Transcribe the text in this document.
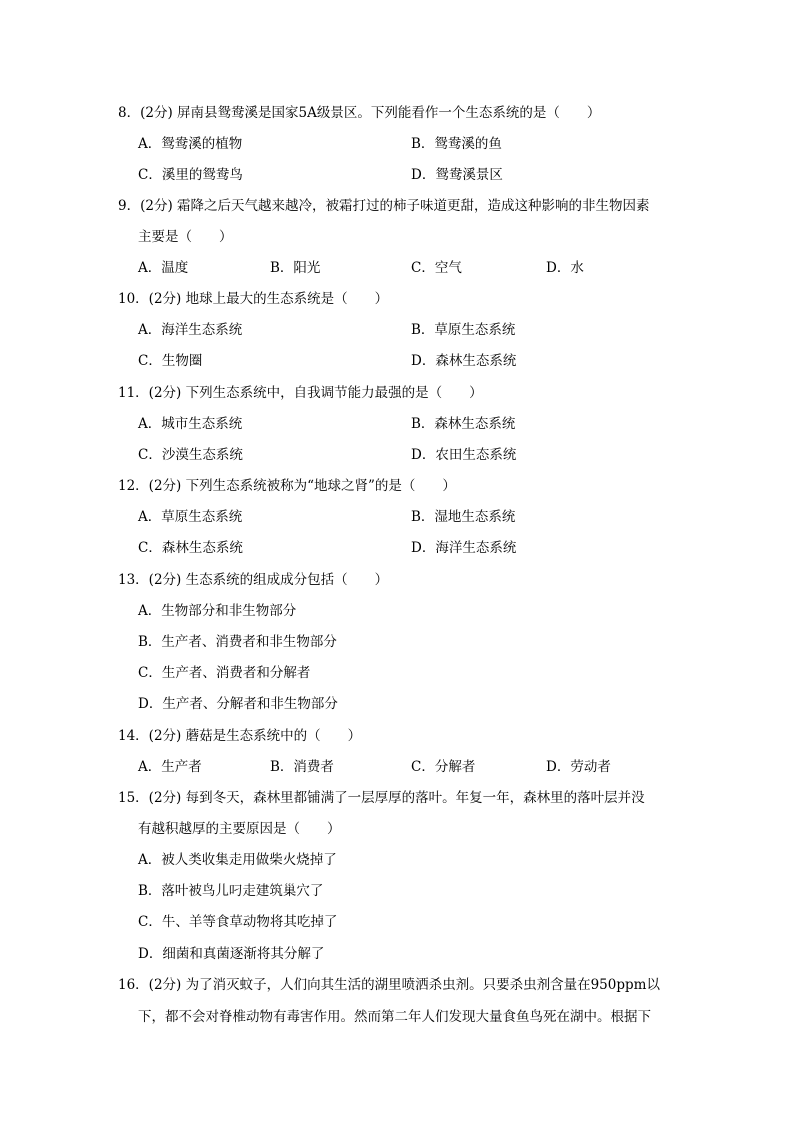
8．(2分) 屏南县鸳鸯溪是国家5A级景区。下列能看作一个生态系统的是（　　）
A．鸳鸯溪的植物	B．鸳鸯溪的鱼
C．溪里的鸳鸯鸟	D．鸳鸯溪景区
9．(2分) 霜降之后天气越来越冷，被霜打过的柿子味道更甜，造成这种影响的非生物因素
主要是（　　）
A．温度	B．阳光	C．空气	D．水
10．(2分) 地球上最大的生态系统是（　　）
A．海洋生态系统	B．草原生态系统
C．生物圈	D．森林生态系统
11．(2分) 下列生态系统中，自我调节能力最强的是（　　）
A．城市生态系统	B．森林生态系统
C．沙漠生态系统	D．农田生态系统
12．(2分) 下列生态系统被称为“地球之肾”的是（　　）
A．草原生态系统	B．湿地生态系统
C．森林生态系统	D．海洋生态系统
13．(2分) 生态系统的组成成分包括（　　）
A．生物部分和非生物部分
B．生产者、消费者和非生物部分
C．生产者、消费者和分解者
D．生产者、分解者和非生物部分
14．(2分) 蘑菇是生态系统中的（　　）
A．生产者	B．消费者	C．分解者	D．劳动者
15．(2分) 每到冬天，森林里都铺满了一层厚厚的落叶。年复一年，森林里的落叶层并没
有越积越厚的主要原因是（　　）
A．被人类收集走用做柴火烧掉了
B．落叶被鸟儿叼走建筑巢穴了
C．牛、羊等食草动物将其吃掉了
D．细菌和真菌逐渐将其分解了
16．(2分) 为了消灭蚊子，人们向其生活的湖里喷洒杀虫剂。只要杀虫剂含量在950ppm以
下，都不会对脊椎动物有毒害作用。然而第二年人们发现大量食鱼鸟死在湖中。根据下
